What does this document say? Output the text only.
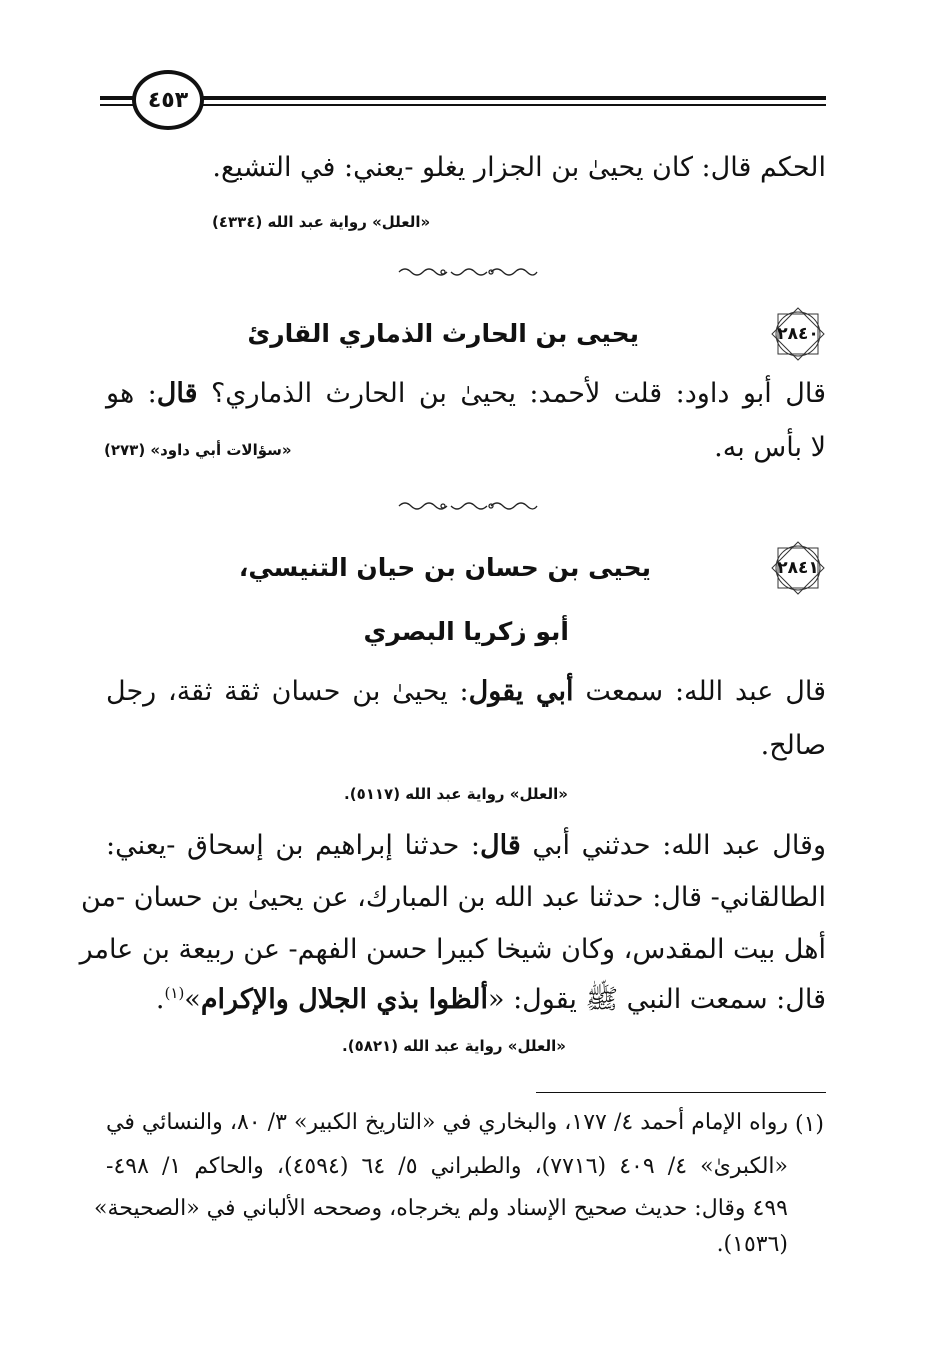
٤٥٣
الحكم قال: كان يحيىٰ بن الجزار يغلو -يعني: في التشيع.
«العلل» رواية عبد الله (٤٣٣٤)
٢٨٤٠
يحيى بن الحارث الذماري القارئ
قال أبو داود: قلت لأحمد: يحيىٰ بن الحارث الذماري؟ قال: هو
لا بأس به.
«سؤالات أبي داود» (٢٧٣)
٢٨٤١
يحيى بن حسان بن حيان التنيسي،
أبو زكريا البصري
قال عبد الله: سمعت أبي يقول: يحيىٰ بن حسان ثقة ثقة، رجل
صالح.
«العلل» رواية عبد الله (٥١١٧).
وقال عبد الله: حدثني أبي قال: حدثنا إبراهيم بن إسحاق -يعني:
الطالقاني- قال: حدثنا عبد الله بن المبارك، عن يحيىٰ بن حسان -من
أهل بيت المقدس، وكان شيخا كبيرا حسن الفهم- عن ربيعة بن عامر
قال: سمعت النبي ﷺ يقول: «ألظوا بذي الجلال والإكرام»$^{(١)}$.
«العلل» رواية عبد الله (٥٨٢١).
(١)
رواه الإمام أحمد ٤/ ١٧٧، والبخاري في «التاريخ الكبير» ٣/ ٨٠، والنسائي في
«الكبرىٰ» ٤/ ٤٠٩ (٧٧١٦)، والطبراني ٥/ ٦٤ (٤٥٩٤)، والحاكم ١/ ٤٩٨-
٤٩٩ وقال: حديث صحيح الإسناد ولم يخرجاه، وصححه الألباني في «الصحيحة»
(١٥٣٦).
